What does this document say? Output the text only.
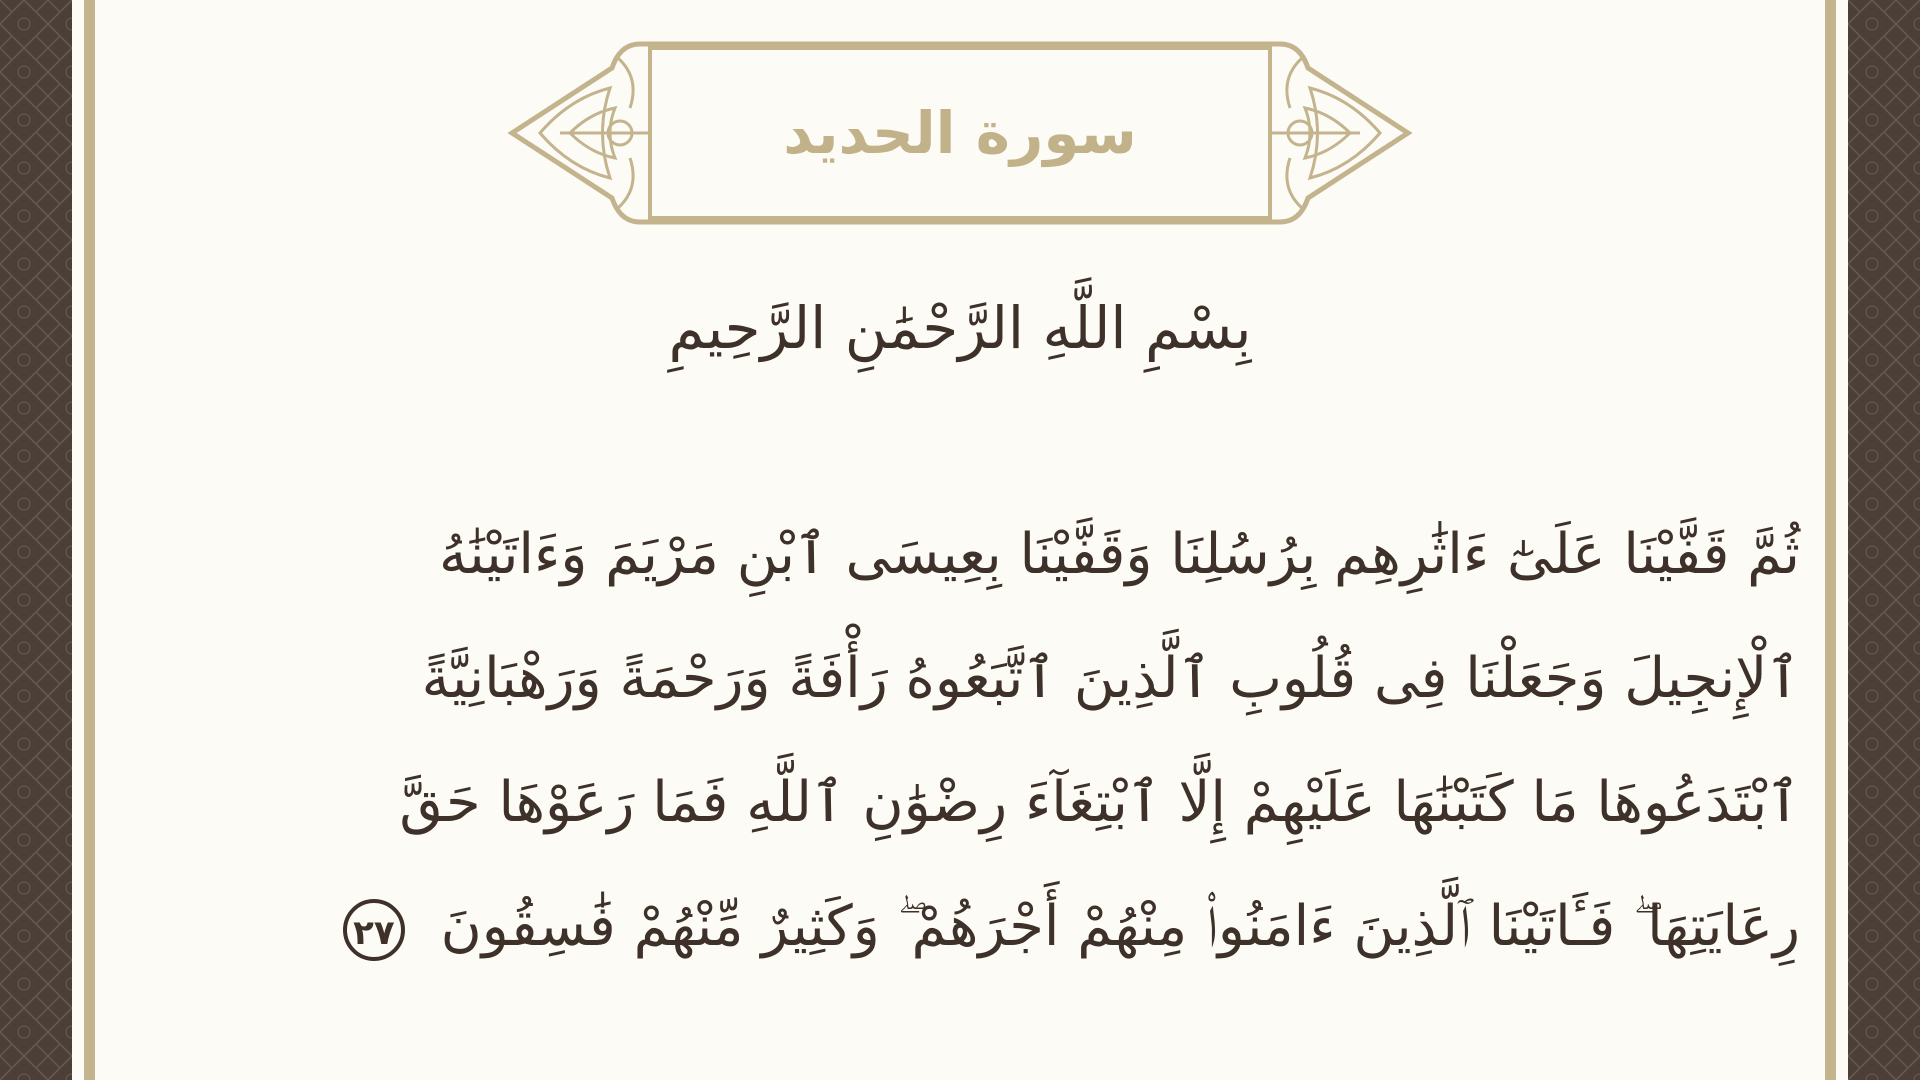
سورة الحديد
بِسْمِ اللَّهِ الرَّحْمَٰنِ الرَّحِيمِ
ثُمَّ قَفَّيْنَا عَلَىٰٓ ءَاثَٰرِهِم بِرُسُلِنَا وَقَفَّيْنَا بِعِيسَى ٱبْنِ مَرْيَمَ وَءَاتَيْنَٰهُ
ٱلْإِنجِيلَ وَجَعَلْنَا فِى قُلُوبِ ٱلَّذِينَ ٱتَّبَعُوهُ رَأْفَةً وَرَحْمَةً وَرَهْبَانِيَّةً
ٱبْتَدَعُوهَا مَا كَتَبْنَٰهَا عَلَيْهِمْ إِلَّا ٱبْتِغَآءَ رِضْوَٰنِ ٱللَّهِ فَمَا رَعَوْهَا حَقَّ
رِعَايَتِهَا ۖ فَـَٔاتَيْنَا ٱلَّذِينَ ءَامَنُوا۟ مِنْهُمْ أَجْرَهُمْ ۖ وَكَثِيرٌ مِّنْهُمْ فَٰسِقُونَ ٢٧
